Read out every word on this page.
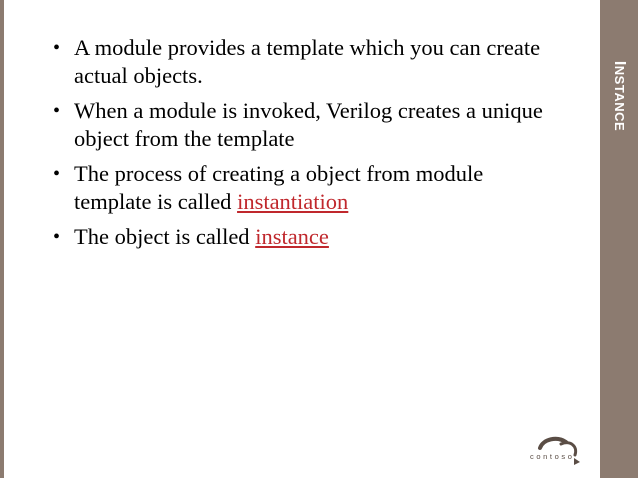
INSTANCE
• A module provides a template which you can create actual objects.
• When a module is invoked, Verilog creates a unique object from the template
• The process of creating a object from module template is called instantiation
• The object is called instance
contoso
